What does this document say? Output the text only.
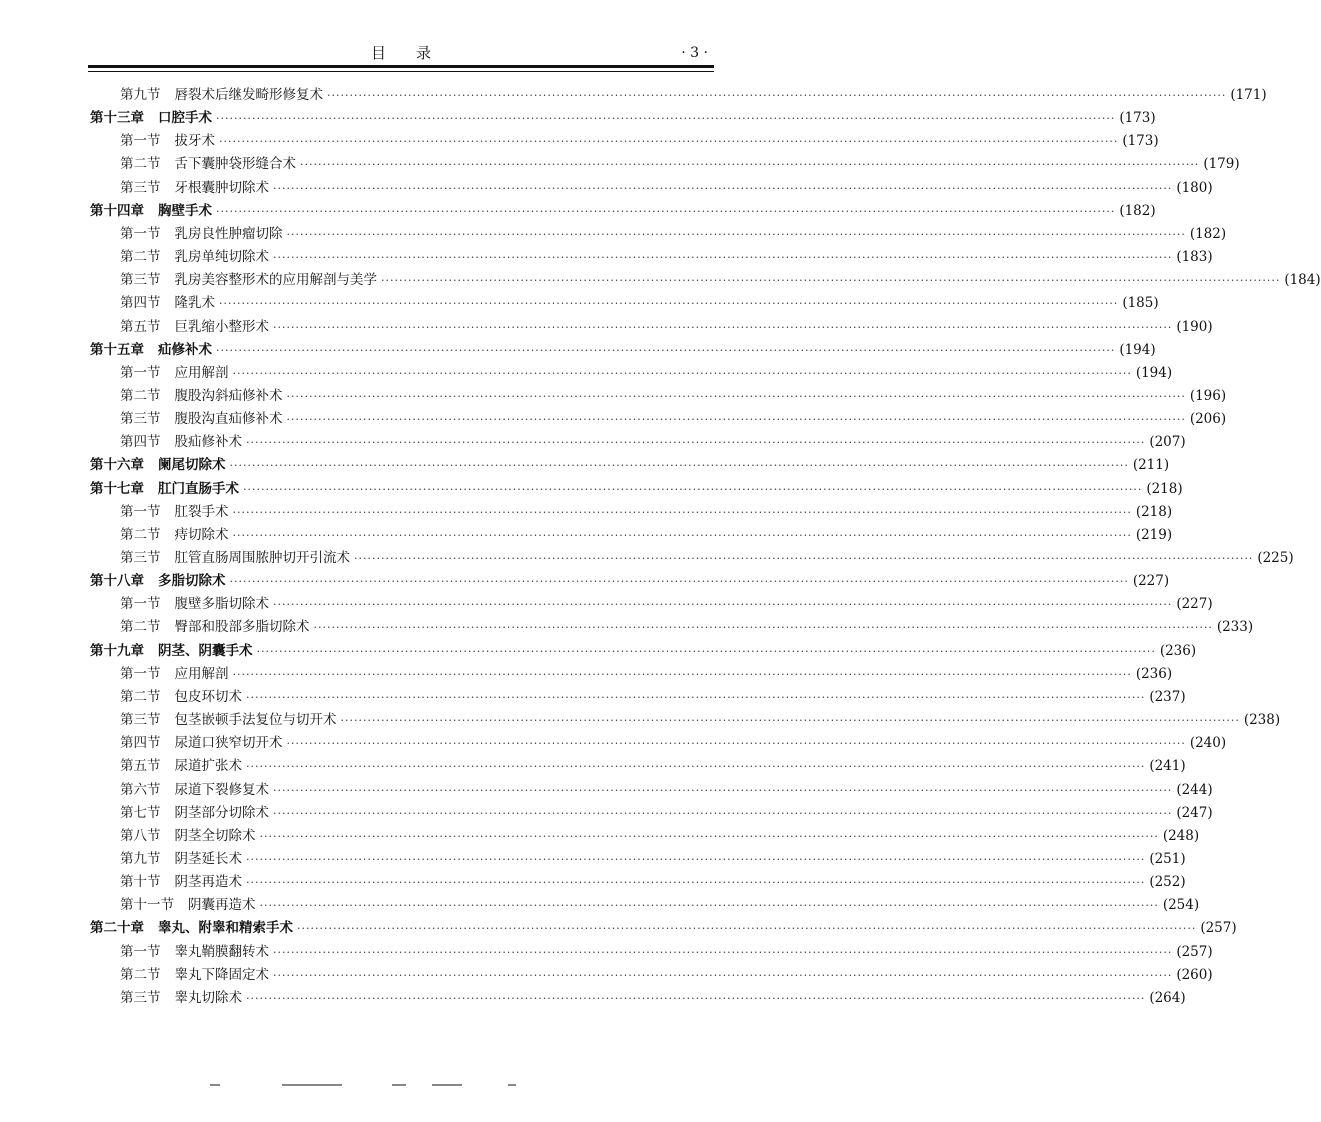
目录	· 3 ·
第九节 唇裂术后继发畸形修复术 ········································································································································································································ (171)
第十三章 口腔手术 ········································································································································································································ (173)
第一节 拔牙术 ········································································································································································································ (173)
第二节 舌下囊肿袋形缝合术 ········································································································································································································ (179)
第三节 牙根囊肿切除术 ········································································································································································································ (180)
第十四章 胸壁手术 ········································································································································································································ (182)
第一节 乳房良性肿瘤切除 ········································································································································································································ (182)
第二节 乳房单纯切除术 ········································································································································································································ (183)
第三节 乳房美容整形术的应用解剖与美学 ········································································································································································································ (184)
第四节 隆乳术 ········································································································································································································ (185)
第五节 巨乳缩小整形术 ········································································································································································································ (190)
第十五章 疝修补术 ········································································································································································································ (194)
第一节 应用解剖 ········································································································································································································ (194)
第二节 腹股沟斜疝修补术 ········································································································································································································ (196)
第三节 腹股沟直疝修补术 ········································································································································································································ (206)
第四节 股疝修补术 ········································································································································································································ (207)
第十六章 阑尾切除术 ········································································································································································································ (211)
第十七章 肛门直肠手术 ········································································································································································································ (218)
第一节 肛裂手术 ········································································································································································································ (218)
第二节 痔切除术 ········································································································································································································ (219)
第三节 肛管直肠周围脓肿切开引流术 ········································································································································································································ (225)
第十八章 多脂切除术 ········································································································································································································ (227)
第一节 腹壁多脂切除术 ········································································································································································································ (227)
第二节 臀部和股部多脂切除术 ········································································································································································································ (233)
第十九章 阴茎、阴囊手术 ········································································································································································································ (236)
第一节 应用解剖 ········································································································································································································ (236)
第二节 包皮环切术 ········································································································································································································ (237)
第三节 包茎嵌顿手法复位与切开术 ········································································································································································································ (238)
第四节 尿道口狭窄切开术 ········································································································································································································ (240)
第五节 尿道扩张术 ········································································································································································································ (241)
第六节 尿道下裂修复术 ········································································································································································································ (244)
第七节 阴茎部分切除术 ········································································································································································································ (247)
第八节 阴茎全切除术 ········································································································································································································ (248)
第九节 阴茎延长术 ········································································································································································································ (251)
第十节 阴茎再造术 ········································································································································································································ (252)
第十一节 阴囊再造术 ········································································································································································································ (254)
第二十章 睾丸、附睾和精索手术 ········································································································································································································ (257)
第一节 睾丸鞘膜翻转术 ········································································································································································································ (257)
第二节 睾丸下降固定术 ········································································································································································································ (260)
第三节 睾丸切除术 ········································································································································································································ (264)
